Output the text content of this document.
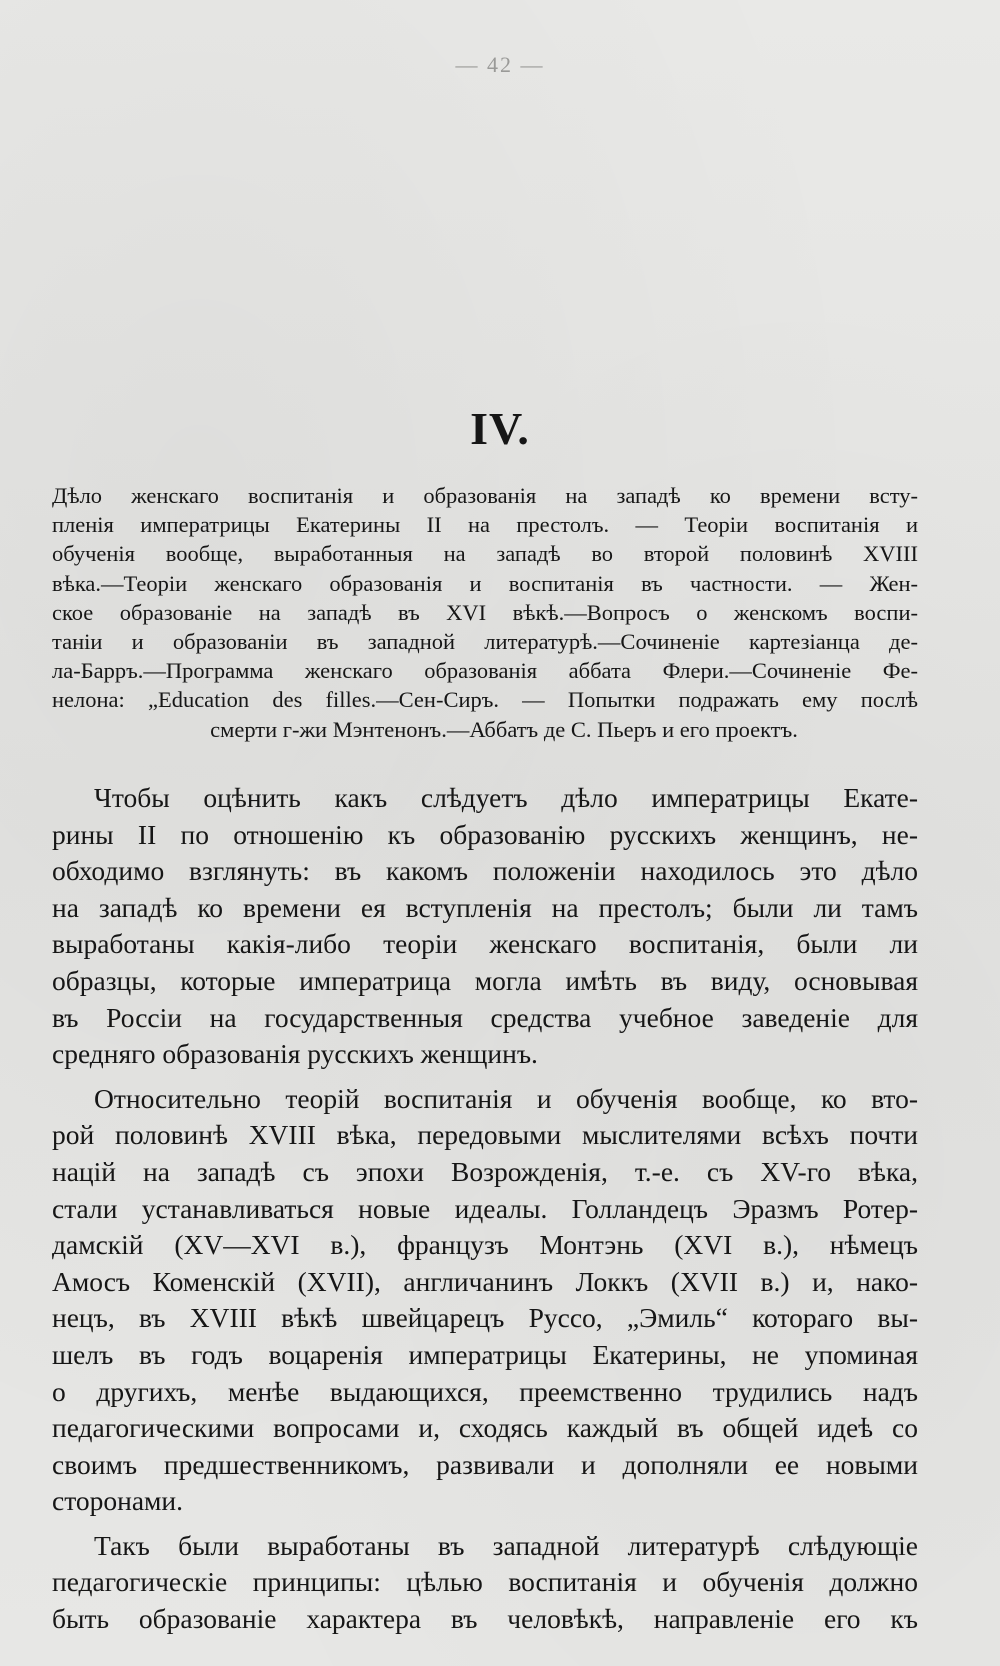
— 42 —
IV.
Дѣло женскаго воспитанія и образованія на западѣ ко времени всту-
пленія императрицы Екатерины II на престолъ. — Теоріи воспитанія и
обученія вообще, выработанныя на западѣ во второй половинѣ XVIII
вѣка.—Теоріи женскаго образованія и воспитанія въ частности. — Жен-
ское образованіе на западѣ въ XVI вѣкѣ.—Вопросъ о женскомъ воспи-
таніи и образованіи въ западной литературѣ.—Сочиненіе картезіанца де-
ла-Барръ.—Программа женскаго образованія аббата Флери.—Сочиненіе Фе-
нелона: „Education des filles.—Сен-Сиръ. — Попытки подражать ему послѣ
смерти г-жи Мэнтенонъ.—Аббатъ де С. Пьеръ и его проектъ.
Чтобы оцѣнить какъ слѣдуетъ дѣло императрицы Екате-
рины II по отношенію къ образованію русскихъ женщинъ, не-
обходимо взглянуть: въ какомъ положеніи находилось это дѣло
на западѣ ко времени ея вступленія на престолъ; были ли тамъ
выработаны какія-либо теоріи женскаго воспитанія, были ли
образцы, которые императрица могла имѣть въ виду, основывая
въ Россіи на государственныя средства учебное заведеніе для
средняго образованія русскихъ женщинъ.
Относительно теорій воспитанія и обученія вообще, ко вто-
рой половинѣ XVIII вѣка, передовыми мыслителями всѣхъ почти
націй на западѣ съ эпохи Возрожденія, т.-е. съ XV-го вѣка,
стали устанавливаться новые идеалы. Голландецъ Эразмъ Ротер-
дамскій (XV—XVI в.), французъ Монтэнь (XVI в.), нѣмецъ
Амосъ Коменскій (XVII), англичанинъ Локкъ (XVII в.) и, нако-
нецъ, въ XVIII вѣкѣ швейцарецъ Руссо, „Эмиль“ котораго вы-
шелъ въ годъ воцаренія императрицы Екатерины, не упоминая
о другихъ, менѣе выдающихся, преемственно трудились надъ
педагогическими вопросами и, сходясь каждый въ общей идеѣ со
своимъ предшественникомъ, развивали и дополняли ее новыми
сторонами.
Такъ были выработаны въ западной литературѣ слѣдующіе
педагогическіе принципы: цѣлью воспитанія и обученія должно
быть образованіе характера въ человѣкѣ, направленіе его къ
